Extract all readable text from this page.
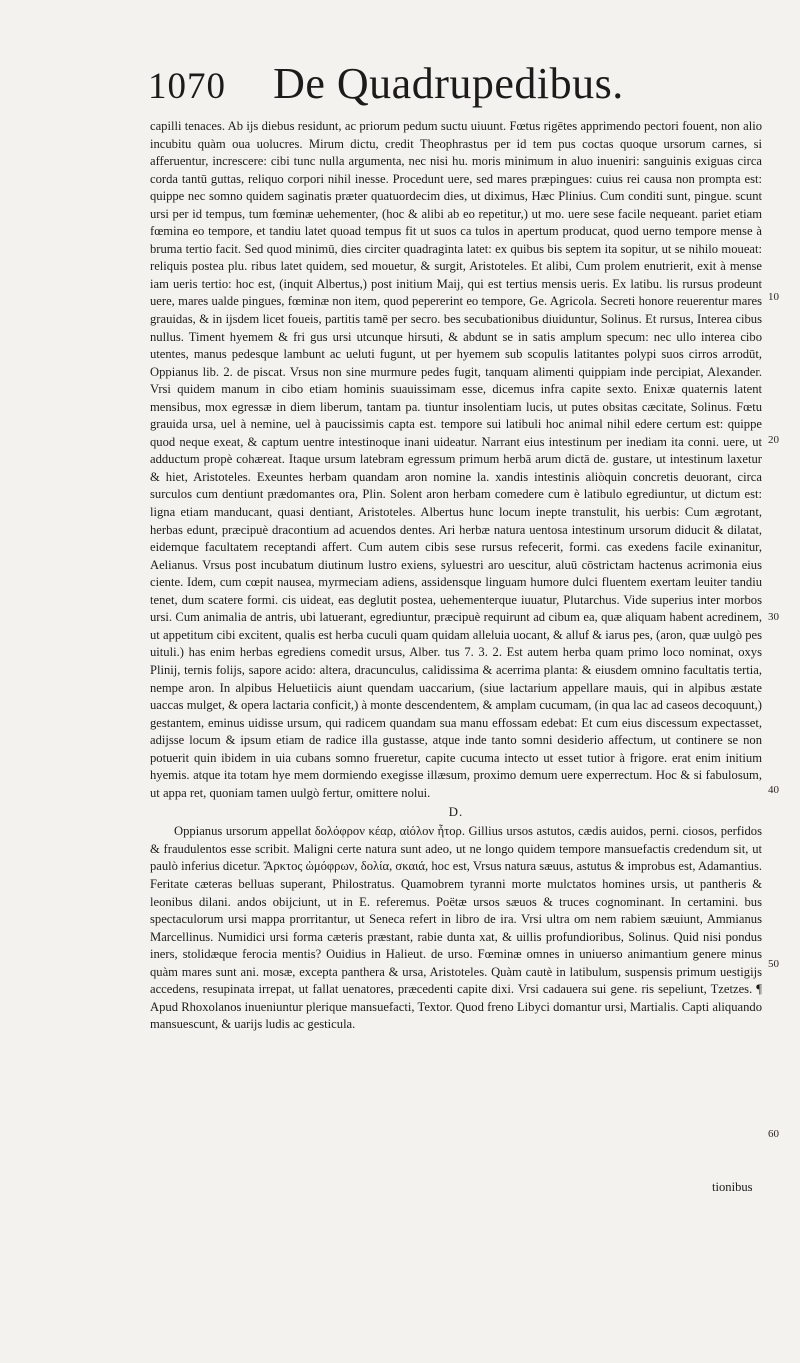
1070 De Quadrupedibus.

capilli tenaces. Ab ijs diebus residunt, ac priorum pedum suctu uiuunt. Fœtus rigētes apprimendo pectori fouent, non alio incubitu quàm oua uolucres. Mirum dictu, credit Theophrastus per id tem pus coctas quoque ursorum carnes, si afferuentur, increscere: cibi tunc nulla argumenta, nec nisi hu. moris minimum in aluo inueniri: sanguinis exiguas circa corda tantū guttas, reliquo corpori nihil inesse. Procedunt uere, sed mares præpingues: cuius rei causa non prompta est: quippe nec somno quidem saginatis præter quatuordecim dies, ut diximus, Hæc Plinius. Cum conditi sunt, pingue. scunt ursi per id tempus, tum fœminæ uehementer, (hoc & alibi ab eo repetitur,) ut mo. uere sese facile nequeant. pariet etiam fœmina eo tempore, et tandiu latet quoad tempus fit ut suos ca tulos in apertum producat, quod uerno tempore mense à bruma tertio facit. Sed quod minimū, dies circiter quadraginta latet: ex quibus bis septem ita sopitur, ut se nihilo moueat: reliquis postea plu. ribus latet quidem, sed mouetur, & surgit, Aristoteles. Et alibi, Cum prolem enutrierit, exit à mense iam ueris tertio: hoc est, (inquit Albertus,) post initium Maij, qui est tertius mensis ueris. Ex latibu. lis rursus prodeunt uere, mares ualde pingues, fœminæ non item, quod pepererint eo tempore, Ge. Agricola. Secreti honore reuerentur mares grauidas, & in ijsdem licet foueis, partitis tamē per secro. bes secubationibus diuiduntur, Solinus. Et rursus, Interea cibus nullus. Timent hyemem & fri gus ursi utcunque hirsuti, & abdunt se in satis amplum specum: nec ullo interea cibo utentes, manus pedesque lambunt ac ueluti fugunt, ut per hyemem sub scopulis latitantes polypi suos cirros arrodūt, Oppianus lib. 2. de piscat. Vrsus non sine murmure pedes fugit, tanquam alimenti quippiam inde percipiat, Alexander. Vrsi quidem manum in cibo etiam hominis suauissimam esse, dicemus infra capite sexto. Enixæ quaternis latent mensibus, mox egressæ in diem liberum, tantam pa. tiuntur insolentiam lucis, ut putes obsitas cæcitate, Solinus. Fœtu grauida ursa, uel à nemine, uel à paucissimis capta est. tempore sui latibuli hoc animal nihil edere certum est: quippe quod neque exeat, & captum uentre intestinoque inani uideatur. Narrant eius intestinum per inediam ita conni. uere, ut adductum propè cohæreat. Itaque ursum latebram egressum primum herbā arum dictā de. gustare, ut intestinum laxetur & hiet, Aristoteles. Exeuntes herbam quandam aron nomine la. xandis intestinis aliòquin concretis deuorant, circa surculos cum dentiunt prædomantes ora, Plin. Solent aron herbam comedere cum è latibulo egrediuntur, ut dictum est: ligna etiam manducant, quasi dentiant, Aristoteles. Albertus hunc locum inepte transtulit, his uerbis: Cum ægrotant, herbas edunt, præcipuè dracontium ad acuendos dentes. Ari herbæ natura uentosa intestinum ursorum diducit & dilatat, eidemque facultatem receptandi affert. Cum autem cibis sese rursus refecerit, formi. cas exedens facile exinanitur, Aelianus. Vrsus post incubatum diutinum lustro exiens, syluestri aro uescitur, aluū cōstrictam hactenus acrimonia eius ciente. Idem, cum cœpit nausea, myrmeciam adiens, assidensque linguam humore dulci fluentem exertam leuiter tandiu tenet, dum scatere formi. cis uideat, eas deglutit postea, uehementerque iuuatur, Plutarchus. Vide superius inter morbos ursi. Cum animalia de antris, ubi latuerant, egrediuntur, præcipuè requirunt ad cibum ea, quæ aliquam habent acredinem, ut appetitum cibi excitent, qualis est herba cuculi quam quidam alleluia uocant, & alluf & iarus pes, (aron, quæ uulgò pes uituli.) has enim herbas egrediens comedit ursus, Alber. tus 7. 3. 2. Est autem herba quam primo loco nominat, oxys Plinij, ternis folijs, sapore acido: altera, dracunculus, calidissima & acerrima planta: & eiusdem omnino facultatis tertia, nempe aron. In alpibus Heluetiicis aiunt quendam uaccarium, (siue lactarium appellare mauis, qui in alpibus æstate uaccas mulget, & opera lactaria conficit,) à monte descendentem, & amplam cucumam, (in qua lac ad caseos decoquunt,) gestantem, eminus uidisse ursum, qui radicem quandam sua manu effossam edebat: Et cum eius discessum expectasset, adijsse locum & ipsum etiam de radice illa gustasse, atque inde tanto somni desiderio affectum, ut continere se non potuerit quin ibidem in uia cubans somno frueretur, capite cucuma intecto ut esset tutior à frigore. erat enim initium hyemis. atque ita totam hye mem dormiendo exegisse illæsum, proximo demum uere experrectum. Hoc & si fabulosum, ut appa ret, quoniam tamen uulgò fertur, omittere nolui.

D.

Oppianus ursorum appellat δολόφρον κέαρ, αἰόλον ἦτορ. Gillius ursos astutos, cædis auidos, perni. ciosos, perfidos & fraudulentos esse scribit. Maligni certe natura sunt adeo, ut ne longo quidem tempore mansuefactis credendum sit, ut paulò inferius dicetur. Ἄρκτος ὠμόφρων, δολία, σκαιά, hoc est, Vrsus natura sæuus, astutus & improbus est, Adamantius. Feritate cæteras belluas superant, Philostratus. Quamobrem tyranni morte mulctatos homines ursis, ut pantheris & leonibus dilani. andos obijciunt, ut in E. referemus. Poëtæ ursos sæuos & truces cognominant. In certamini. bus spectaculorum ursi mappa prorritantur, ut Seneca refert in libro de ira. Vrsi ultra om nem rabiem sæuiunt, Ammianus Marcellinus. Numidici ursi forma cæteris præstant, rabie dunta xat, & uillis profundioribus, Solinus. Quid nisi pondus iners, stolidæque ferocia mentis? Ouidius in Halieut. de urso. Fœminæ omnes in uniuerso animantium genere minus quàm mares sunt ani. mosæ, excepta panthera & ursa, Aristoteles. Quàm cautè in latibulum, suspensis primum uestigijs accedens, resupinata irrepat, ut fallat uenatores, præcedenti capite dixi. Vrsi cadauera sui gene. ris sepeliunt, Tzetzes. ¶ Apud Rhoxolanos inueniuntur plerique mansuefacti, Textor. Quod freno Libyci domantur ursi, Martialis. Capti aliquando mansuescunt, & uarijs ludis ac gesticula.

tionibus
10
20
30
40
50
60
